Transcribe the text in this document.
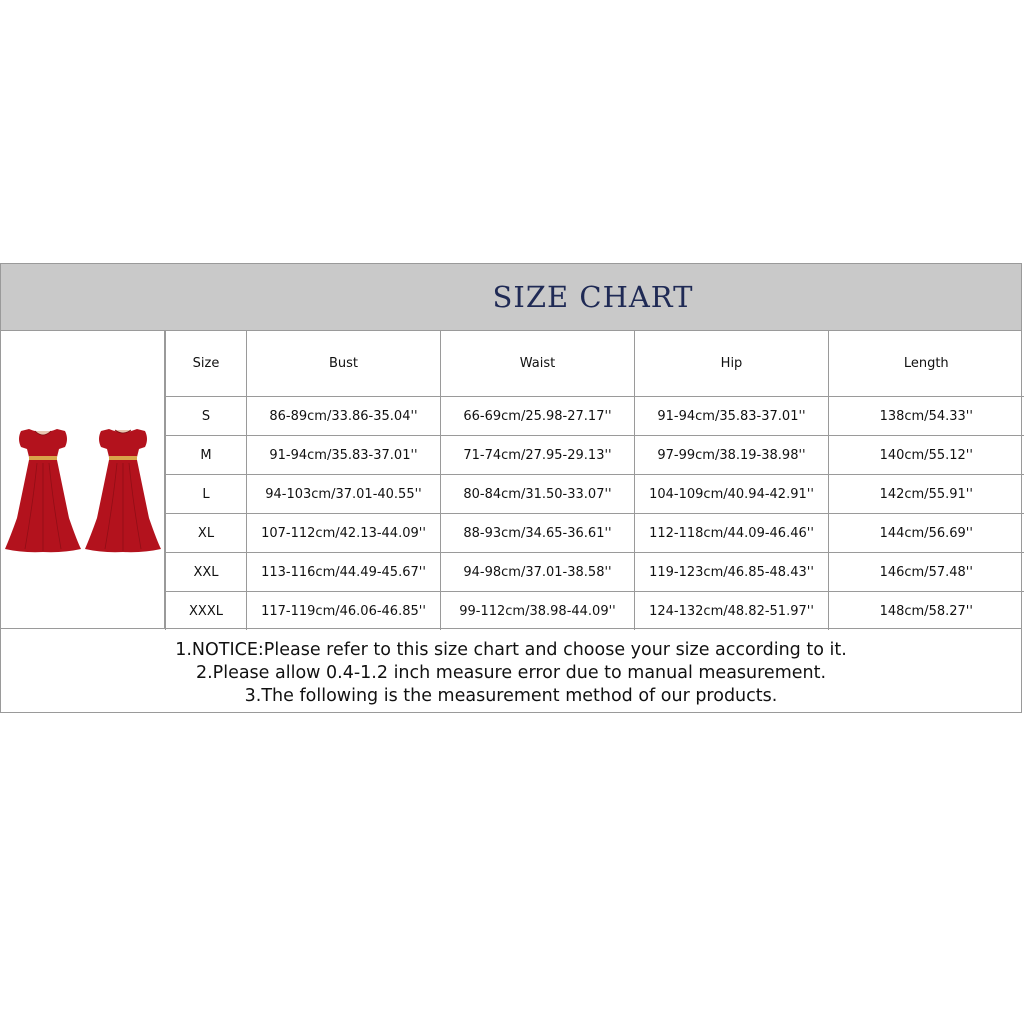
SIZE CHART
Size	Bust	Waist	Hip	Length
S	86-89cm/33.86-35.04''	66-69cm/25.98-27.17''	91-94cm/35.83-37.01''	138cm/54.33''
M	91-94cm/35.83-37.01''	71-74cm/27.95-29.13''	97-99cm/38.19-38.98''	140cm/55.12''
L	94-103cm/37.01-40.55''	80-84cm/31.50-33.07''	104-109cm/40.94-42.91''	142cm/55.91''
XL	107-112cm/42.13-44.09''	88-93cm/34.65-36.61''	112-118cm/44.09-46.46''	144cm/56.69''
XXL	113-116cm/44.49-45.67''	94-98cm/37.01-38.58''	119-123cm/46.85-48.43''	146cm/57.48''
XXXL	117-119cm/46.06-46.85''	99-112cm/38.98-44.09''	124-132cm/48.82-51.97''	148cm/58.27''
1.NOTICE:Please refer to this size chart and choose your size according to it.
2.Please allow 0.4-1.2 inch measure error due to manual measurement.
3.The following is the measurement method of our products.
